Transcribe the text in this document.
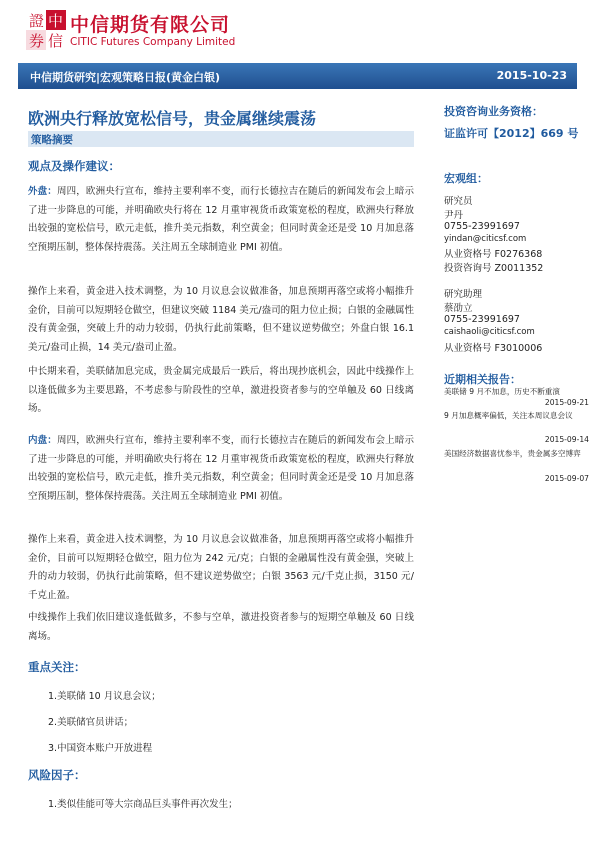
證 中
券 信
中信期货有限公司
CITIC Futures Company Limited
中信期货研究|宏观策略日报(黄金白银)	2015-10-23
欧洲央行释放宽松信号，贵金属继续震荡
策略摘要
观点及操作建议：
外盘：周四，欧洲央行宣布，维持主要利率不变，而行长德拉吉在随后的新闻发布会上暗示了进一步降息的可能，并明确欧央行将在 12 月重审视货币政策宽松的程度，欧洲央行释放出较强的宽松信号，欧元走低，推升美元指数，利空黄金；但同时黄金还是受 10 月加息落空预期压制，整体保持震荡。关注周五全球制造业 PMI 初值。
操作上来看，黄金进入技术调整，为 10 月议息会议做准备，加息预期再落空或将小幅推升金价，目前可以短期轻仓做空，但建议突破 1184 美元/盎司的阻力位止损；白银的金融属性没有黄金强，突破上升的动力较弱，仍执行此前策略，但不建议逆势做空；外盘白银 16.1 美元/盎司止损，14 美元/盎司止盈。
中长期来看，美联储加息完成，贵金属完成最后一跌后，将出现抄底机会，因此中线操作上以逢低做多为主要思路，不考虑参与阶段性的空单，激进投资者参与的空单触及 60 日线离场。
内盘：周四，欧洲央行宣布，维持主要利率不变，而行长德拉吉在随后的新闻发布会上暗示了进一步降息的可能，并明确欧央行将在 12 月重审视货币政策宽松的程度，欧洲央行释放出较强的宽松信号，欧元走低，推升美元指数，利空黄金；但同时黄金还是受 10 月加息落空预期压制，整体保持震荡。关注周五全球制造业 PMI 初值。
操作上来看，黄金进入技术调整，为 10 月议息会议做准备，加息预期再落空或将小幅推升金价，目前可以短期轻仓做空，阻力位为 242 元/克；白银的金融属性没有黄金强，突破上升的动力较弱，仍执行此前策略，但不建议逆势做空；白银 3563 元/千克止损，3150 元/千克止盈。
中线操作上我们依旧建议逢低做多，不参与空单，激进投资者参与的短期空单触及 60 日线离场。
重点关注：
1.美联储 10 月议息会议；
2.美联储官员讲话；
3.中国资本账户开放进程
风险因子：
1.类似佳能可等大宗商品巨头事件再次发生；
投资咨询业务资格：
证监许可【2012】669 号
宏观组：
研究员
尹丹
0755-23991697
yindan@citicsf.com
从业资格号 F0276368
投资咨询号 Z0011352
研究助理
蔡劭立
0755-23991697
caishaoli@citicsf.com
从业资格号 F3010006
近期相关报告：
美联储 9 月不加息，历史不断重演
2015-09-21
9 月加息概率偏低，关注本周议息会议
2015-09-14
美国经济数据喜忧参半，贵金属多空博弈
2015-09-07
